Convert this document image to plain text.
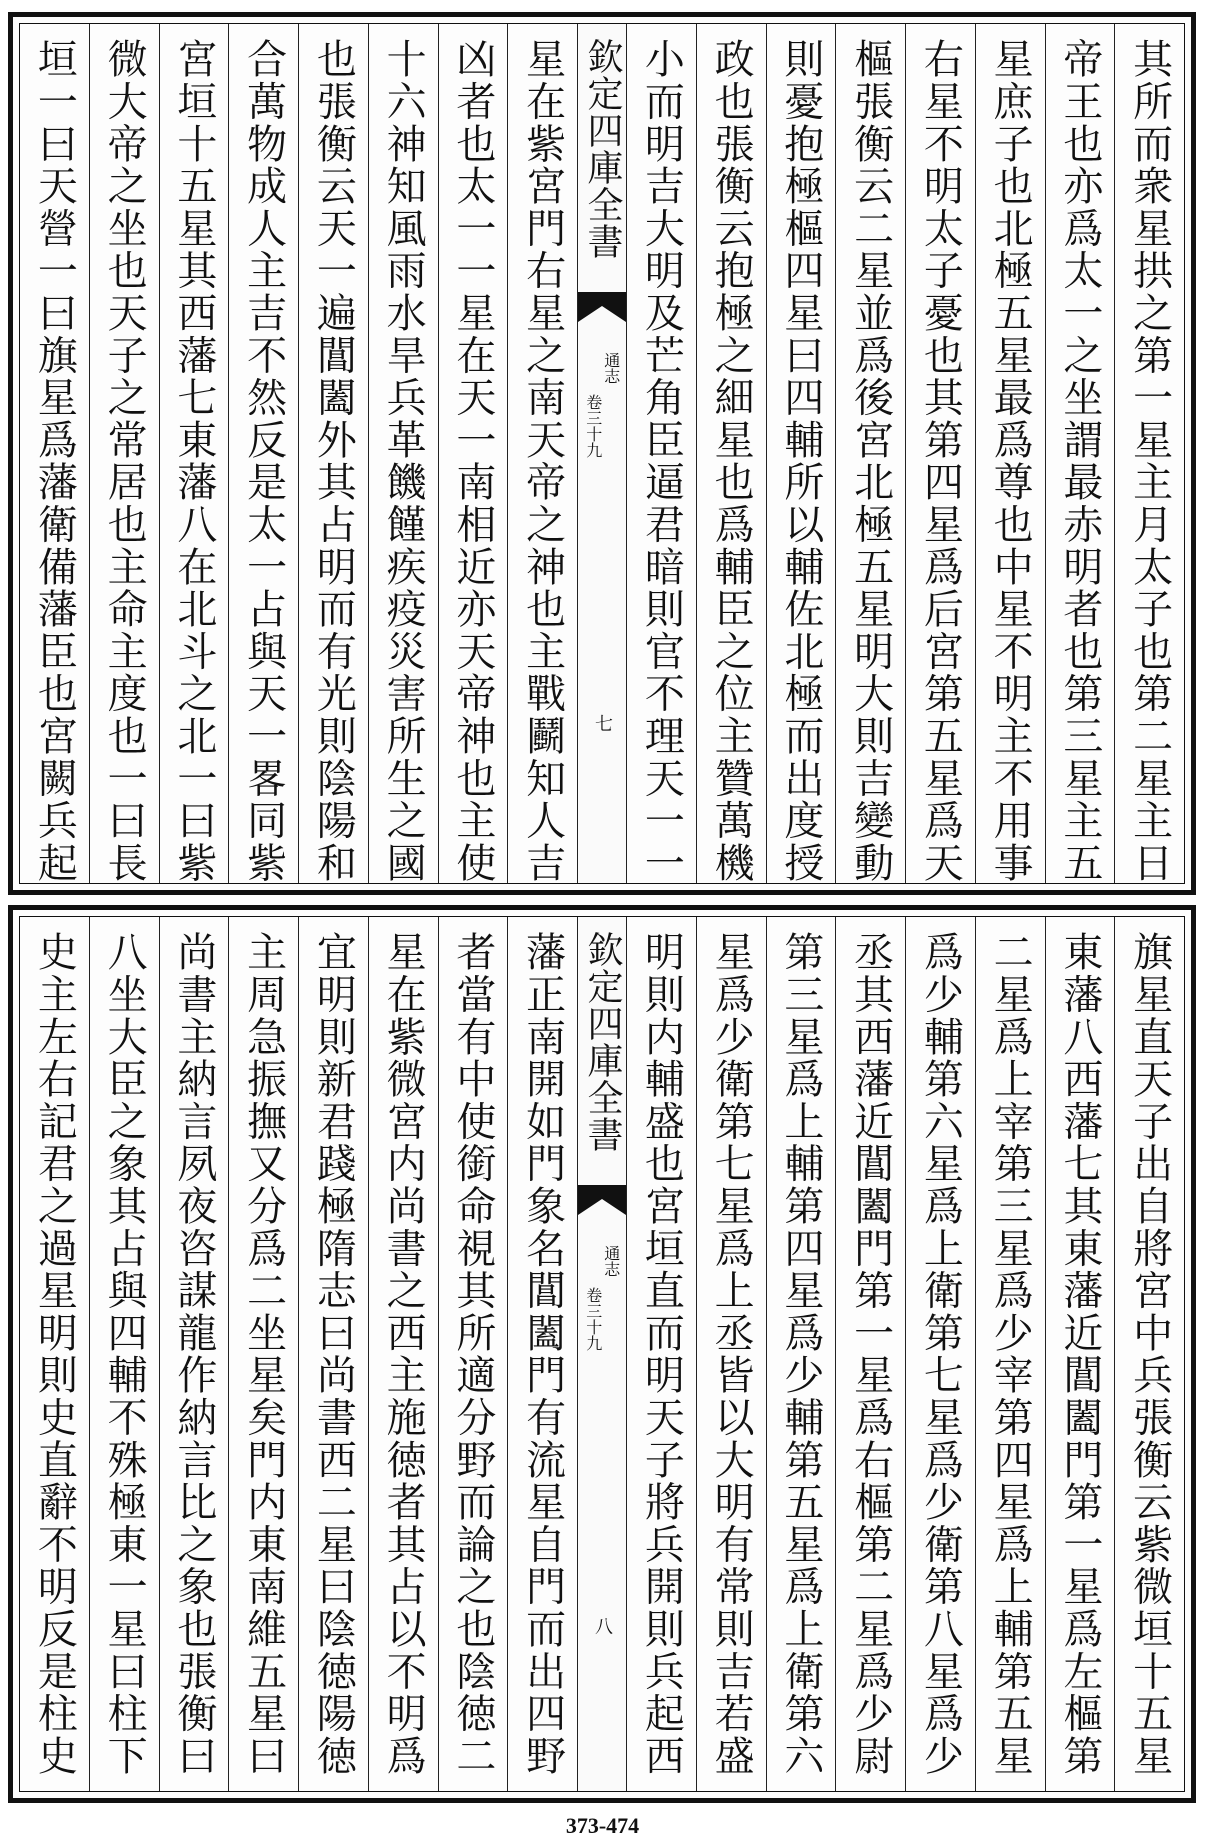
其所而衆星拱之第一星主月太子也第二星主日
帝王也亦爲太一之坐謂最赤明者也第三星主五
星庶子也北極五星最爲尊也中星不明主不用事
右星不明太子憂也其第四星爲后宮第五星爲天
樞張衡云二星並爲後宮北極五星明大則吉變動
則憂抱極樞四星曰四輔所以輔佐北極而出度授
政也張衡云抱極之細星也爲輔臣之位主贊萬機
小而明吉大明及芒角臣逼君暗則官不理天一一
欽定四庫全書
通志
卷三十九
七
星在紫宮門右星之南天帝之神也主戰鬬知人吉
凶者也太一一星在天一南相近亦天帝神也主使
十六神知風雨水旱兵革饑饉疾疫災害所生之國
也張衡云天一遍閶闔外其占明而有光則陰陽和
合萬物成人主吉不然反是太一占與天一畧同紫
宮垣十五星其西藩七東藩八在北斗之北一曰紫
微大帝之坐也天子之常居也主命主度也一曰長
垣一曰天營一曰旗星爲藩衛備藩臣也宮闕兵起
旗星直天子出自將宮中兵張衡云紫微垣十五星
東藩八西藩七其東藩近閶闔門第一星爲左樞第
二星爲上宰第三星爲少宰第四星爲上輔第五星
爲少輔第六星爲上衛第七星爲少衛第八星爲少
丞其西藩近閶闔門第一星爲右樞第二星爲少尉
第三星爲上輔第四星爲少輔第五星爲上衛第六
星爲少衛第七星爲上丞皆以大明有常則吉若盛
明則内輔盛也宮垣直而明天子將兵開則兵起西
欽定四庫全書
通志
卷三十九
八
藩正南開如門象名閶闔門有流星自門而出四野
者當有中使銜命視其所適分野而論之也陰徳二
星在紫微宮内尚書之西主施徳者其占以不明爲
宜明則新君踐極隋志曰尚書西二星曰陰徳陽徳
主周急振撫又分爲二坐星矣門内東南維五星曰
尚書主納言夙夜咨謀龍作納言比之象也張衡曰
八坐大臣之象其占與四輔不殊極東一星曰柱下
史主左右記君之過星明則史直辭不明反是柱史
373-474
